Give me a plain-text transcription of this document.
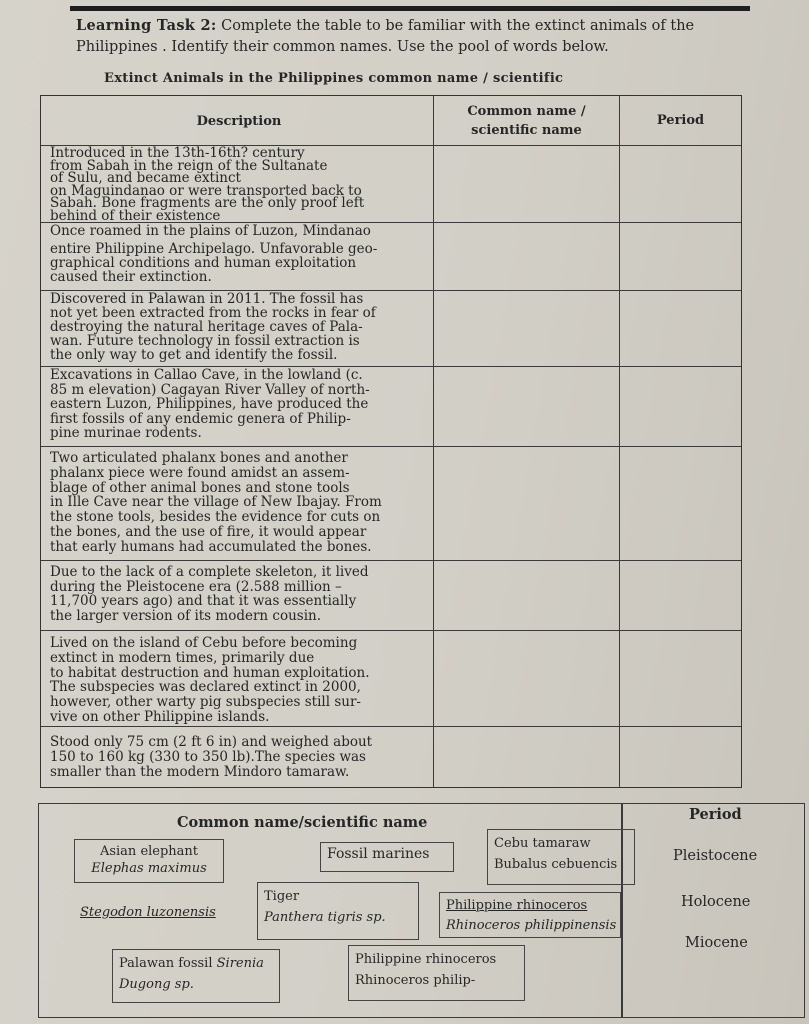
Learning Task 2: Complete the table to be familiar with the extinct animals of the Philippines . Identify their common names. Use the pool of words below.
Extinct Animals in the Philippines common name / scientific
Description
Common name /
scientific name
Period
Introduced in the 13th-16th? century
from Sabah in the reign of the Sultanate
of Sulu, and became extinct
on Maguindanao or were transported back to
Sabah. Bone fragments are the only proof left
behind of their existence
Once roamed in the plains of Luzon, Mindanao
entire Philippine Archipelago. Unfavorable geo-
graphical conditions and human exploitation
caused their extinction.
Discovered in Palawan in 2011. The fossil has
not yet been extracted from the rocks in fear of
destroying the natural heritage caves of Pala-
wan. Future technology in fossil extraction is
the only way to get and identify the fossil.
Excavations in Callao Cave, in the lowland (c.
85 m elevation) Cagayan River Valley of north-
eastern Luzon, Philippines, have produced the
first fossils of any endemic genera of Philip-
pine murinae rodents.
Two articulated phalanx bones and another
phalanx piece were found amidst an assem-
blage of other animal bones and stone tools
in Ille Cave near the village of New Ibajay. From
the stone tools, besides the evidence for cuts on
the bones, and the use of fire, it would appear
that early humans had accumulated the bones.
Due to the lack of a complete skeleton, it lived
during the Pleistocene era (2.588 million –
11,700 years ago) and that it was essentially
the larger version of its modern cousin.
Lived on the island of Cebu before becoming
extinct in modern times, primarily due
to habitat destruction and human exploitation.
The subspecies was declared extinct in 2000,
however, other warty pig subspecies still sur-
vive on other Philippine islands.
Stood only 75 cm (2 ft 6 in) and weighed about
150 to 160 kg (330 to 350 lb).The species was
smaller than the modern Mindoro tamaraw.
Common name/scientific name	Period
Asian elephant
Elephas maximus
Fossil marines
Cebu tamaraw
Bubalus cebuencis
Stegodon luzonensis
Tiger
Panthera tigris sp.
Philippine rhinoceros
Rhinoceros philippinensis
Palawan fossil Sirenia
Dugong sp.
Philippine rhinoceros
Rhinoceros philip-
Pleistocene
Holocene
Miocene
